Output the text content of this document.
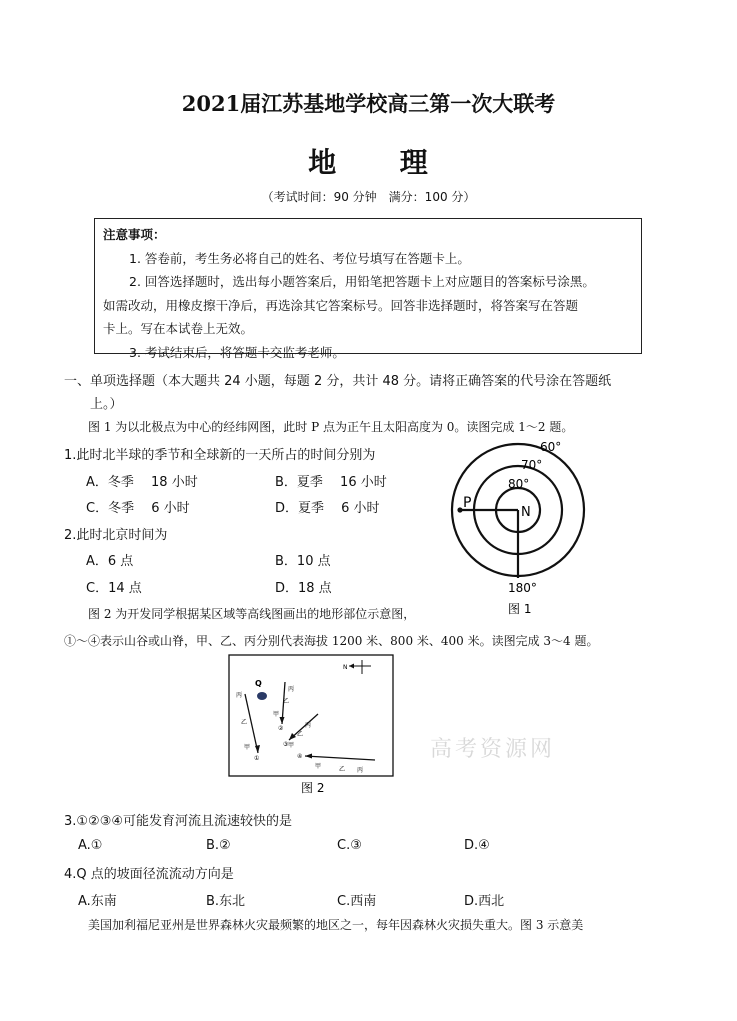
2021届江苏基地学校高三第一次大联考
地 理
（考试时间：90 分钟　满分：100 分）
注意事项：
1. 答卷前，考生务必将自己的姓名、考位号填写在答题卡上。
2. 回答选择题时，选出每小题答案后，用铅笔把答题卡上对应题目的答案标号涂黑。
如需改动，用橡皮擦干净后，再选涂其它答案标号。回答非选择题时，将答案写在答题
卡上。写在本试卷上无效。
3. 考试结束后，将答题卡交监考老师。
一、单项选择题（本大题共 24 小题，每题 2 分，共计 48 分。请将正确答案的代号涂在答题纸
上。）
图 1 为以北极点为中心的经纬网图，此时 P 点为正午且太阳高度为 0。读图完成 1～2 题。
1.此时北半球的季节和全球新的一天所占的时间分别为
A．冬季　 18 小时	B．夏季　 16 小时
C．冬季　 6 小时	D．夏季　 6 小时
2.此时北京时间为
A．6 点	B．10 点
C．14 点	D．18 点
60°
70°
80°
N
P
180°
图 1
图 2 为开发同学根据某区域等高线图画出的地形部位示意图，
①～④表示山谷或山脊，甲、乙、丙分别代表海拔 1200 米、800 米、400 米。读图完成 3～4 题。
N
Q
丙
乙
甲
①
丙
乙
甲
②	丙
乙
甲
③
④
甲	乙 丙
图 2
高考资源网
3.①②③④可能发育河流且流速较快的是
A.①	B.②	C.③	D.④
4.Q 点的坡面径流流动方向是
A.东南	B.东北	C.西南	D.西北
美国加利福尼亚州是世界森林火灾最频繁的地区之一，每年因森林火灾损失重大。图 3 示意美
